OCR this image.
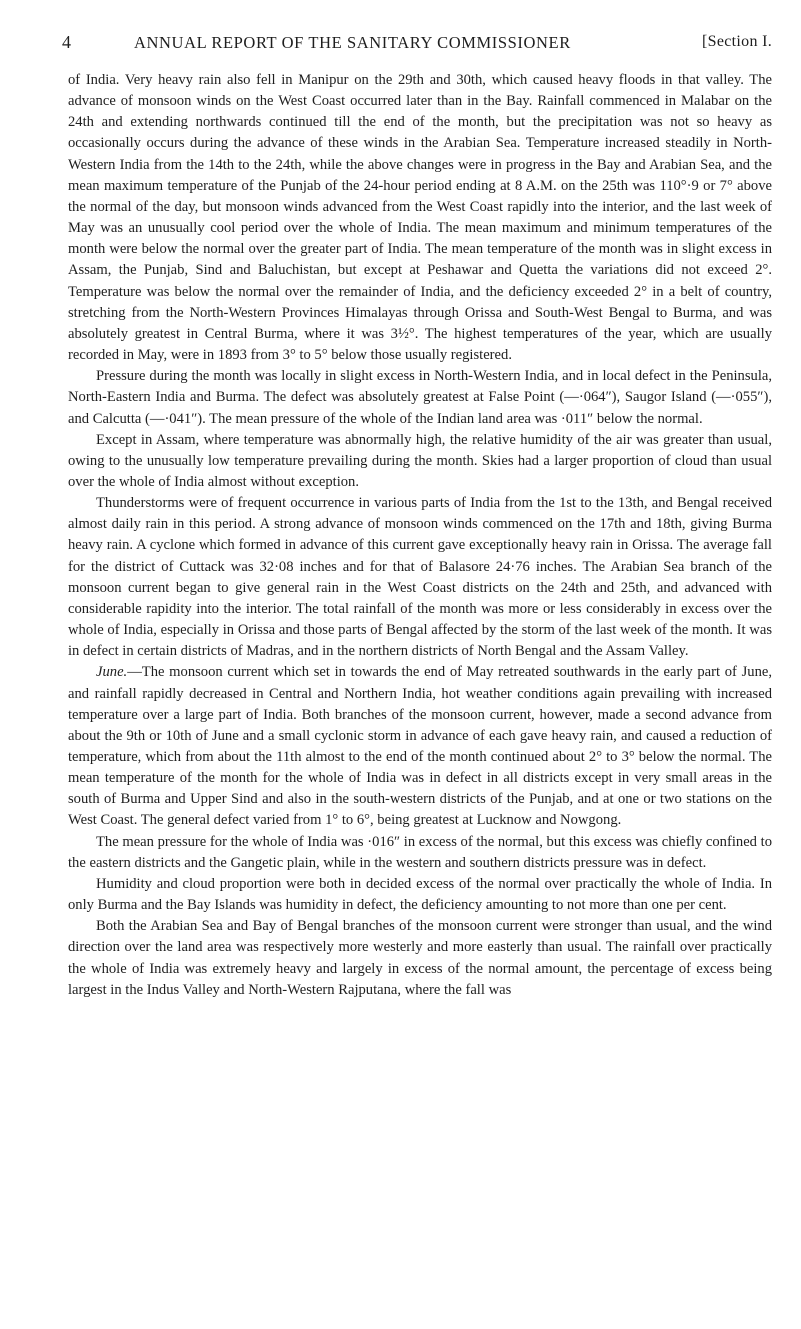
4	ANNUAL REPORT OF THE SANITARY COMMISSIONER	[Section I.

of India. Very heavy rain also fell in Manipur on the 29th and 30th, which caused heavy floods in that valley. The advance of monsoon winds on the West Coast occurred later than in the Bay. Rainfall commenced in Malabar on the 24th and extending northwards continued till the end of the month, but the precipitation was not so heavy as occasionally occurs during the advance of these winds in the Arabian Sea. Temperature increased steadily in North-Western India from the 14th to the 24th, while the above changes were in progress in the Bay and Arabian Sea, and the mean maximum temperature of the Punjab of the 24-hour period ending at 8 A.M. on the 25th was 110°·9 or 7° above the normal of the day, but monsoon winds advanced from the West Coast rapidly into the interior, and the last week of May was an unusually cool period over the whole of India. The mean maximum and minimum temperatures of the month were below the normal over the greater part of India. The mean temperature of the month was in slight excess in Assam, the Punjab, Sind and Baluchistan, but except at Peshawar and Quetta the variations did not exceed 2°. Temperature was below the normal over the remainder of India, and the deficiency exceeded 2° in a belt of country, stretching from the North-Western Provinces Himalayas through Orissa and South-West Bengal to Burma, and was absolutely greatest in Central Burma, where it was 3½°. The highest temperatures of the year, which are usually recorded in May, were in 1893 from 3° to 5° below those usually registered.

Pressure during the month was locally in slight excess in North-Western India, and in local defect in the Peninsula, North-Eastern India and Burma. The defect was absolutely greatest at False Point (—·064″), Saugor Island (—·055″), and Calcutta (—·041″). The mean pressure of the whole of the Indian land area was ·011″ below the normal.

Except in Assam, where temperature was abnormally high, the relative humidity of the air was greater than usual, owing to the unusually low temperature prevailing during the month. Skies had a larger proportion of cloud than usual over the whole of India almost without exception.

Thunderstorms were of frequent occurrence in various parts of India from the 1st to the 13th, and Bengal received almost daily rain in this period. A strong advance of monsoon winds commenced on the 17th and 18th, giving Burma heavy rain. A cyclone which formed in advance of this current gave exceptionally heavy rain in Orissa. The average fall for the district of Cuttack was 32·08 inches and for that of Balasore 24·76 inches. The Arabian Sea branch of the monsoon current began to give general rain in the West Coast districts on the 24th and 25th, and advanced with considerable rapidity into the interior. The total rainfall of the month was more or less considerably in excess over the whole of India, especially in Orissa and those parts of Bengal affected by the storm of the last week of the month. It was in defect in certain districts of Madras, and in the northern districts of North Bengal and the Assam Valley.

June.—The monsoon current which set in towards the end of May retreated southwards in the early part of June, and rainfall rapidly decreased in Central and Northern India, hot weather conditions again prevailing with increased temperature over a large part of India. Both branches of the monsoon current, however, made a second advance from about the 9th or 10th of June and a small cyclonic storm in advance of each gave heavy rain, and caused a reduction of temperature, which from about the 11th almost to the end of the month continued about 2° to 3° below the normal. The mean temperature of the month for the whole of India was in defect in all districts except in very small areas in the south of Burma and Upper Sind and also in the south-western districts of the Punjab, and at one or two stations on the West Coast. The general defect varied from 1° to 6°, being greatest at Lucknow and Nowgong.

The mean pressure for the whole of India was ·016″ in excess of the normal, but this excess was chiefly confined to the eastern districts and the Gangetic plain, while in the western and southern districts pressure was in defect.

Humidity and cloud proportion were both in decided excess of the normal over practically the whole of India. In only Burma and the Bay Islands was humidity in defect, the deficiency amounting to not more than one per cent.

Both the Arabian Sea and Bay of Bengal branches of the monsoon current were stronger than usual, and the wind direction over the land area was respectively more westerly and more easterly than usual. The rainfall over practically the whole of India was extremely heavy and largely in excess of the normal amount, the percentage of excess being largest in the Indus Valley and North-Western Rajputana, where the fall was
